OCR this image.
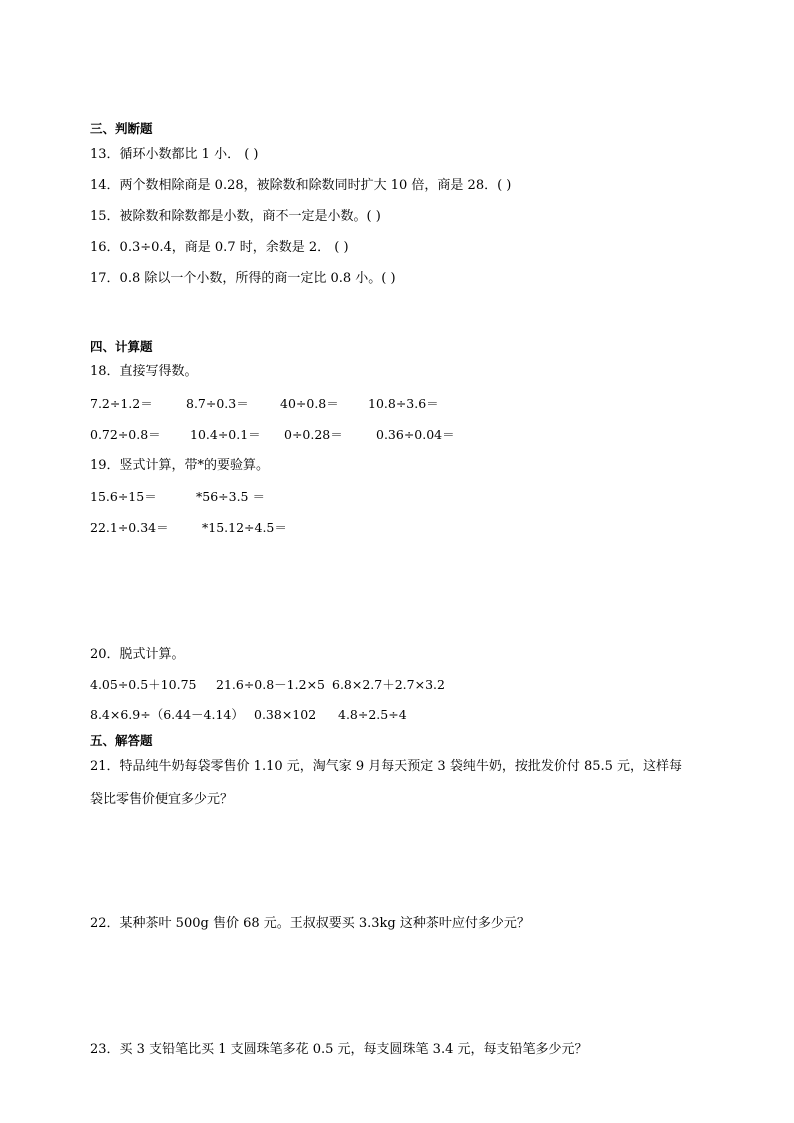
三、判断题
13．循环小数都比 1 小． ( )
14．两个数相除商是 0.28，被除数和除数同时扩大 10 倍，商是 28．( )
15．被除数和除数都是小数，商不一定是小数。( )
16．0.3÷0.4，商是 0.7 时，余数是 2． ( )
17．0.8 除以一个小数，所得的商一定比 0.8 小。( )
四、计算题
18．直接写得数。
7.2÷1.2＝	8.7÷0.3＝	40÷0.8＝ 10.8÷3.6＝
0.72÷0.8＝ 10.4÷0.1＝ 0÷0.28＝	0.36÷0.04＝
19．竖式计算，带*的要验算。
15.6÷15＝	*56÷3.5 ＝
22.1÷0.34＝	*15.12÷4.5＝
20．脱式计算。
4.05÷0.5＋10.75 21.6÷0.8－1.2×5 6.8×2.7＋2.7×3.2
8.4×6.9÷（6.44－4.14） 0.38×102 4.8÷2.5÷4
五、解答题
21．特品纯牛奶每袋零售价 1.10 元，淘气家 9 月每天预定 3 袋纯牛奶，按批发价付 85.5 元，这样每
袋比零售价便宜多少元？
22．某种茶叶 500g 售价 68 元。王叔叔要买 3.3kg 这种茶叶应付多少元？
23．买 3 支铅笔比买 1 支圆珠笔多花 0.5 元，每支圆珠笔 3.4 元，每支铅笔多少元？
